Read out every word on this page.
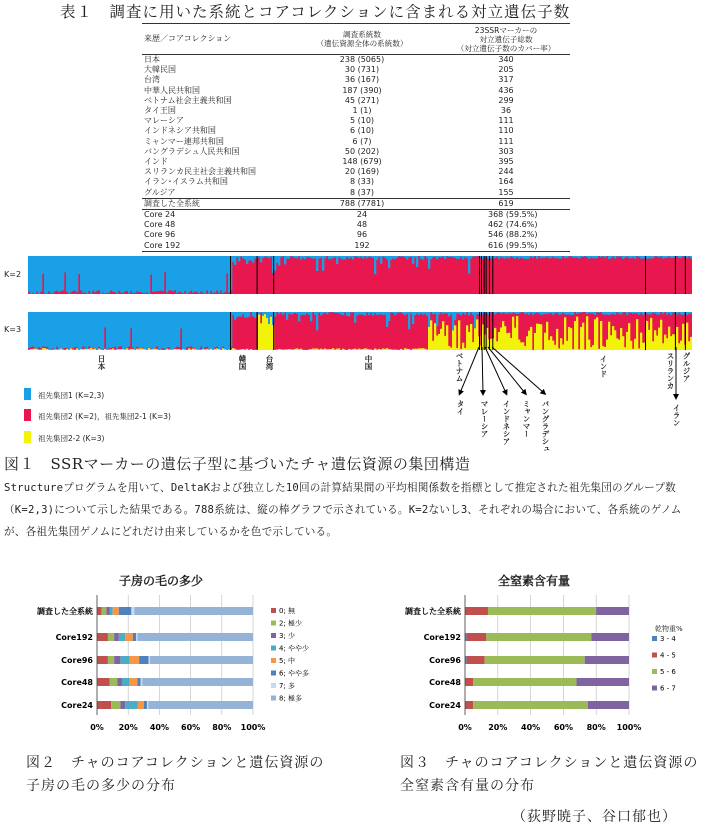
表１　調査に用いた系統とコアコレクションに含まれる対立遺伝子数
来歴／コアコレクション	調査系統数
（遺伝資源全体の系統数）
23SSRマーカーの
対立遺伝子総数
（対立遺伝子数のカバー率）
日本	238 (5065)	340
大韓民国	30 (731)	205
台湾	36 (167)	317
中華人民共和国	187 (390)	436
ベトナム社会主義共和国	45 (271)	299
タイ王国	1 (1)	36
マレーシア	5 (10)	111
インドネシア共和国	6 (10)	110
ミャンマー連邦共和国	6 (7)	111
バングラデシュ人民共和国	50 (202)	303
インド	148 (679)	395
スリランカ民主社会主義共和国	20 (169)	244
イラン･イスラム共和国	8 (33)	164
グルジア	8 (37)	155
調査した全系統	788 (7781)	619
Core 24	24	368 (59.5%)
Core 48	48	462 (74.6%)
Core 96	96	546 (88.2%)
Core 192	192	616 (99.5%)
K=2
K=3
日本	韓国 台湾	中国	ベトナム	インド	スリランカ グルジア
タイ マレーシア インドネシア ミャンマー バングラデシュ	イラン
祖先集団1 (K=2,3)
祖先集団2 (K=2)，祖先集団2-1 (K=3)
祖先集団2-2 (K=3)
図１　SSRマーカーの遺伝子型に基づいたチャ遺伝資源の集団構造
Structureプログラムを用いて、DeltaKおよび独立した10回の計算結果間の平均相関係数を指標として推定された祖先集団のグループ数（K=2,3)について示した結果である。788系統は、縦の棒グラフで示されている。K=2ないし3、それぞれの場合において、各系統のゲノムが、各祖先集団ゲノムにどれだけ由来しているかを色で示している。
子房の毛の多少
0% 20% 40% 60% 80% 100%
調査した全系統
Core192
Core96
Core48
Core24
0; 無
2; 極少
3; 少
4; やや少
5; 中
6; やや多
7; 多
8; 極多
全窒素含有量
0% 20% 40% 60% 80% 100%
調査した全系統
Core192
Core96
Core48
Core24
3 - 4
4 - 5
5 - 6
6 - 7
乾物重%
図２　チャのコアコレクションと遺伝資源の子房の毛の多少の分布
図３　チャのコアコレクションと遺伝資源の全窒素含有量の分布
（荻野暁子、谷口郁也）
